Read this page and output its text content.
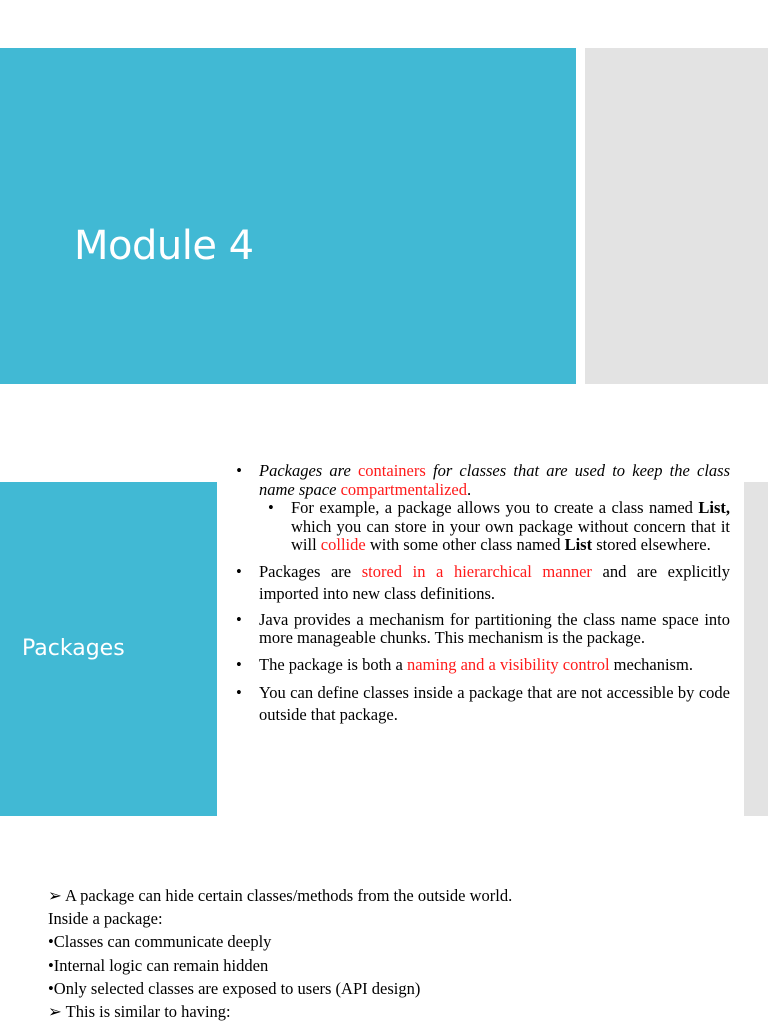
Module 4
Packages
• Packages are containers for classes that are used to keep the class name space compartmentalized.
• For example, a package allows you to create a class named List, which you can store in your own package without concern that it will collide with some other class named List stored elsewhere.
• Packages are stored in a hierarchical manner and are explicitly imported into new class definitions.
• Java provides a mechanism for partitioning the class name space into more manageable chunks. This mechanism is the package.
• The package is both a naming and a visibility control mechanism.
• You can define classes inside a package that are not accessible by code outside that package.
➢ A package can hide certain classes/methods from the outside world.
Inside a package:
•Classes can communicate deeply
•Internal logic can remain hidden
•Only selected classes are exposed to users (API design)
➢ This is similar to having:
